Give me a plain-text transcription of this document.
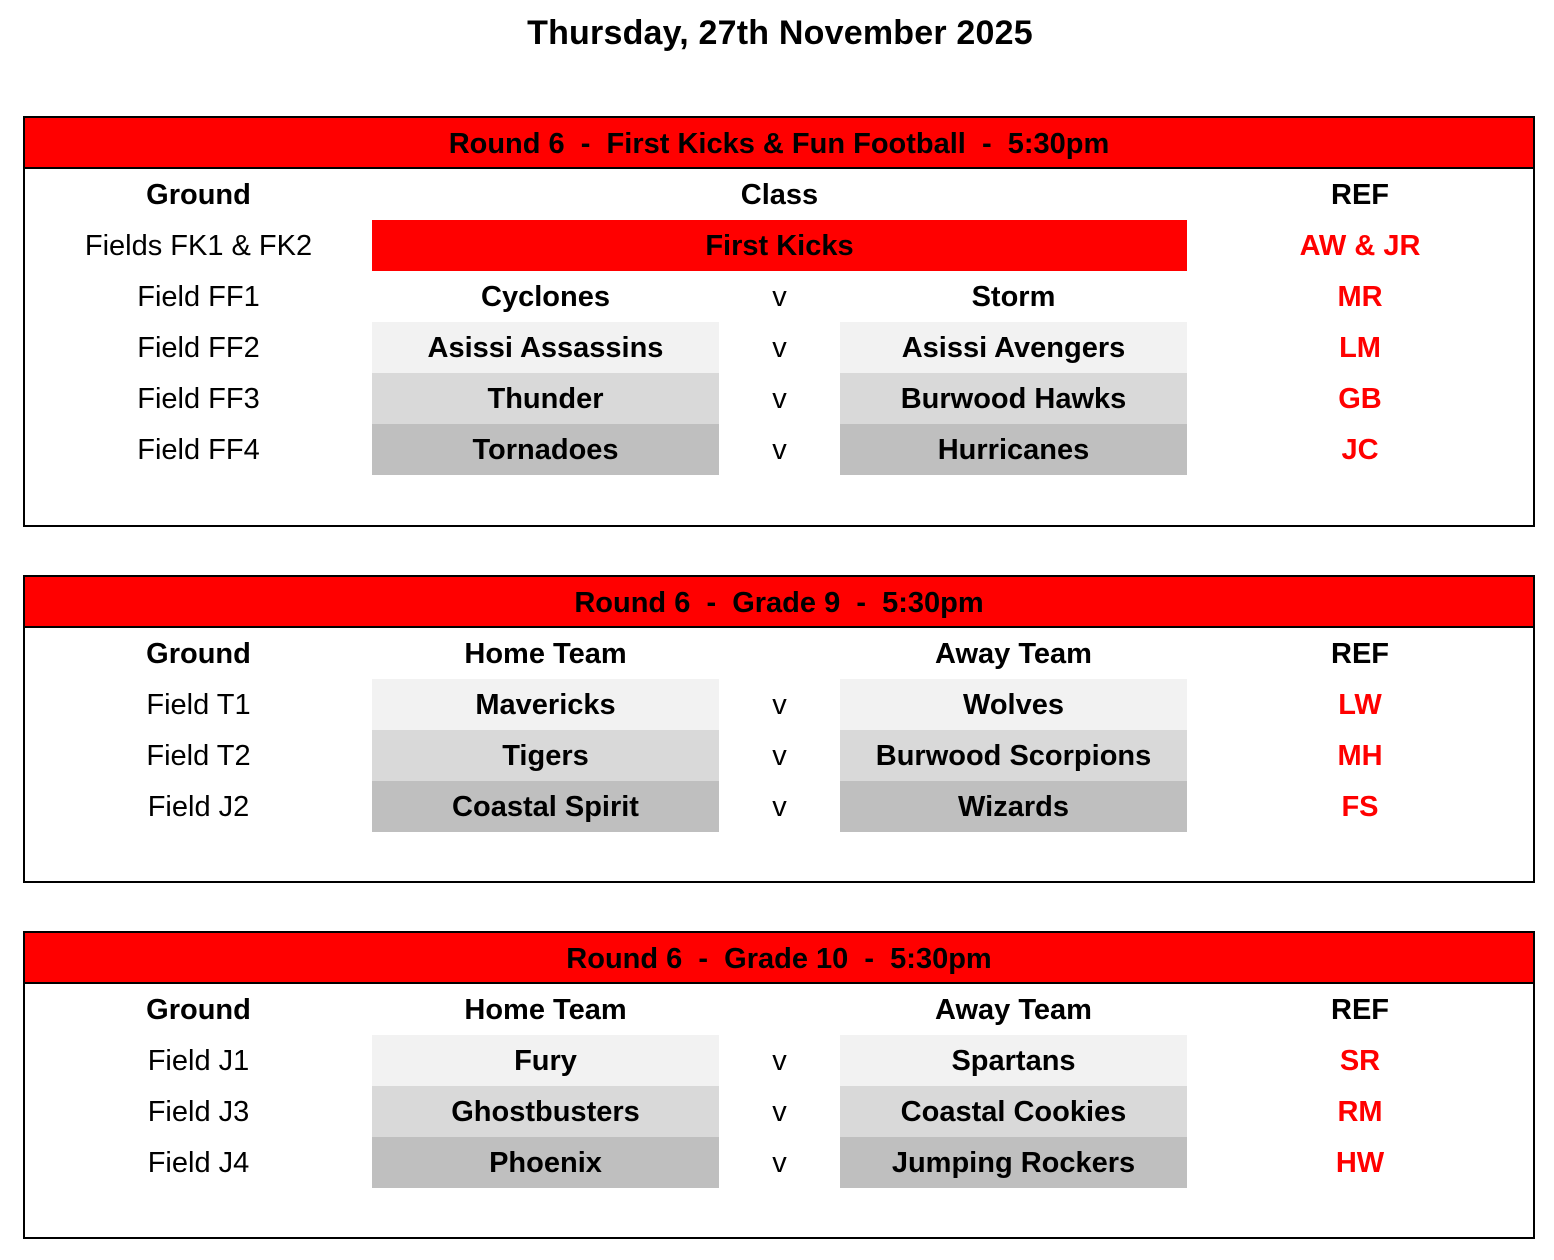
Thursday, 27th November 2025
Round 6  -  First Kicks & Fun Football  -  5:30pm
Ground	Class	REF
Fields FK1 & FK2	First Kicks	AW & JR
Field FF1	Cyclones	v	Storm	MR
Field FF2	Asissi Assassins	v	Asissi Avengers	LM
Field FF3	Thunder	v	Burwood Hawks	GB
Field FF4	Tornadoes	v	Hurricanes	JC
Round 6  -  Grade 9  -  5:30pm
Ground	Home Team	Away Team	REF
Field T1	Mavericks	v	Wolves	LW
Field T2	Tigers	v	Burwood Scorpions	MH
Field J2	Coastal Spirit	v	Wizards	FS
Round 6  -  Grade 10  -  5:30pm
Ground	Home Team	Away Team	REF
Field J1	Fury	v	Spartans	SR
Field J3	Ghostbusters	v	Coastal Cookies	RM
Field J4	Phoenix	v	Jumping Rockers	HW
